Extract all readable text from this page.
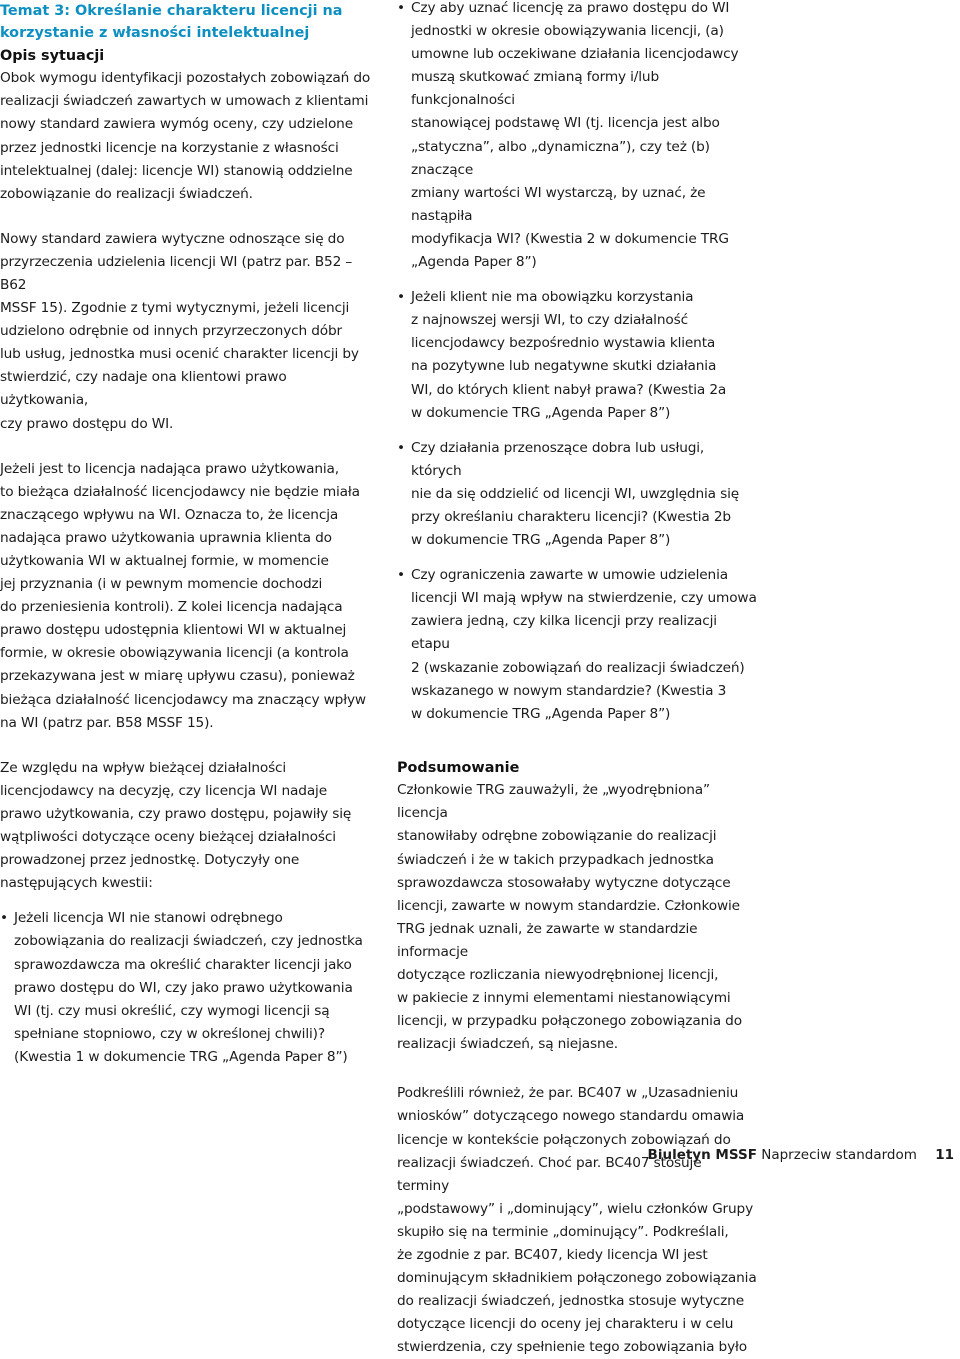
Temat 3: Określanie charakteru licencji na
korzystanie z własności intelektualnej
Opis sytuacji

Obok wymogu identyfikacji pozostałych zobowiązań do

realizacji świadczeń zawartych w umowach z klientami

nowy standard zawiera wymóg oceny, czy udzielone

przez jednostki licencje na korzystanie z własności

intelektualnej (dalej: licencje WI) stanowią oddzielne

zobowiązanie do realizacji świadczeń.

Nowy standard zawiera wytyczne odnoszące się do

przyrzeczenia udzielenia licencji WI (patrz par. B52 – B62

MSSF 15). Zgodnie z tymi wytycznymi, jeżeli licencji

udzielono odrębnie od innych przyrzeczonych dóbr

lub usług, jednostka musi ocenić charakter licencji by

stwierdzić, czy nadaje ona klientowi prawo użytkowania,

czy prawo dostępu do WI.

Jeżeli jest to licencja nadająca prawo użytkowania,

to bieżąca działalność licencjodawcy nie będzie miała

znaczącego wpływu na WI. Oznacza to, że licencja

nadająca prawo użytkowania uprawnia klienta do

użytkowania WI w aktualnej formie, w momencie

jej przyznania (i w pewnym momencie dochodzi

do przeniesienia kontroli). Z kolei licencja nadająca

prawo dostępu udostępnia klientowi WI w aktualnej

formie, w okresie obowiązywania licencji (a kontrola

przekazywana jest w miarę upływu czasu), ponieważ

bieżąca działalność licencjodawcy ma znaczący wpływ

na WI (patrz par. B58 MSSF 15).

Ze względu na wpływ bieżącej działalności

licencjodawcy na decyzję, czy licencja WI nadaje

prawo użytkowania, czy prawo dostępu, pojawiły się

wątpliwości dotyczące oceny bieżącej działalności

prowadzonej przez jednostkę. Dotyczyły one

następujących kwestii:

• Jeżeli licencja WI nie stanowi odrębnego

zobowiązania do realizacji świadczeń, czy jednostka

sprawozdawcza ma określić charakter licencji jako

prawo dostępu do WI, czy jako prawo użytkowania

WI (tj. czy musi określić, czy wymogi licencji są

spełniane stopniowo, czy w określonej chwili)?

(Kwestia 1 w dokumencie TRG „Agenda Paper 8”)

• Czy aby uznać licencję za prawo dostępu do WI

jednostki w okresie obowiązywania licencji, (a)

umowne lub oczekiwane działania licencjodawcy

muszą skutkować zmianą formy i/lub funkcjonalności

stanowiącej podstawę WI (tj. licencja jest albo

„statyczna”, albo „dynamiczna”), czy też (b) znaczące

zmiany wartości WI wystarczą, by uznać, że nastąpiła

modyfikacja WI? (Kwestia 2 w dokumencie TRG

„Agenda Paper 8”)

• Jeżeli klient nie ma obowiązku korzystania

z najnowszej wersji WI, to czy działalność

licencjodawcy bezpośrednio wystawia klienta

na pozytywne lub negatywne skutki działania

WI, do których klient nabył prawa? (Kwestia 2a

w dokumencie TRG „Agenda Paper 8”)

• Czy działania przenoszące dobra lub usługi, których

nie da się oddzielić od licencji WI, uwzględnia się

przy określaniu charakteru licencji? (Kwestia 2b

w dokumencie TRG „Agenda Paper 8”)

• Czy ograniczenia zawarte w umowie udzielenia

licencji WI mają wpływ na stwierdzenie, czy umowa

zawiera jedną, czy kilka licencji przy realizacji etapu

2 (wskazanie zobowiązań do realizacji świadczeń)

wskazanego w nowym standardzie? (Kwestia 3

w dokumencie TRG „Agenda Paper 8”)

Podsumowanie

Członkowie TRG zauważyli, że „wyodrębniona” licencja

stanowiłaby odrębne zobowiązanie do realizacji

świadczeń i że w takich przypadkach jednostka

sprawozdawcza stosowałaby wytyczne dotyczące

licencji, zawarte w nowym standardzie. Członkowie

TRG jednak uznali, że zawarte w standardzie informacje

dotyczące rozliczania niewyodrębnionej licencji,

w pakiecie z innymi elementami niestanowiącymi

licencji, w przypadku połączonego zobowiązania do

realizacji świadczeń, są niejasne.

Podkreślili również, że par. BC407 w „Uzasadnieniu

wniosków” dotyczącego nowego standardu omawia

licencje w kontekście połączonych zobowiązań do

realizacji świadczeń. Choć par. BC407 stosuje terminy

„podstawowy” i „dominujący”, wielu członków Grupy

skupiło się na terminie „dominujący”. Podkreślali,

że zgodnie z par. BC407, kiedy licencja WI jest

dominującym składnikiem połączonego zobowiązania

do realizacji świadczeń, jednostka stosuje wytyczne

dotyczące licencji do oceny jej charakteru i w celu

stwierdzenia, czy spełnienie tego zobowiązania było

Biuletyn MSSF Naprzeciw standardom 11
